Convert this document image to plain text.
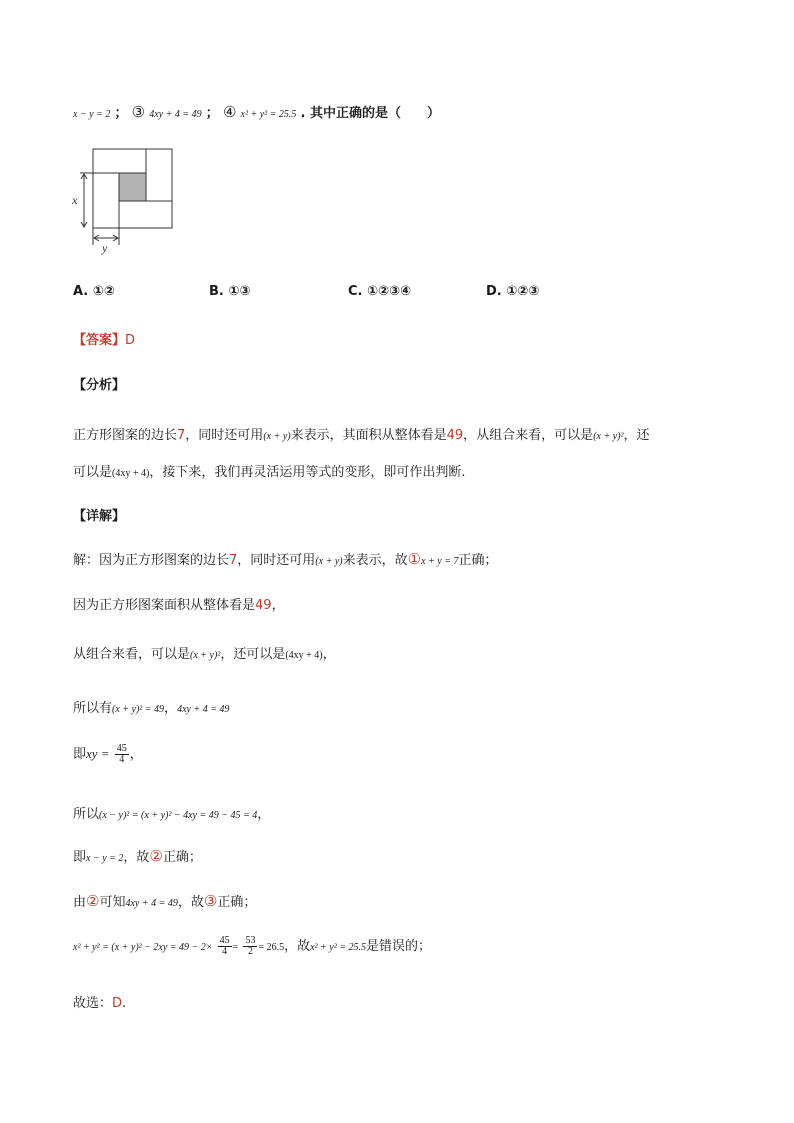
x − y = 2 ； ③ 4xy + 4 = 49 ； ④ x² + y² = 25.5 . 其中正确的是（　　）
x
y
A. ①②	B. ①③	C. ①②③④	D. ①②③
【答案】D
【分析】
正方形图案的边长7，同时还可用(x + y)来表示，其面积从整体看是49，从组合来看，可以是(x + y)²，还
可以是(4xy + 4)，接下来，我们再灵活运用等式的变形，即可作出判断.
【详解】
解：因为正方形图案的边长7，同时还可用(x + y)来表示，故①x + y = 7正确；
因为正方形图案面积从整体看是49，
从组合来看，可以是(x + y)²，还可以是(4xy + 4)，
所以有(x + y)² = 49，4xy + 4 = 49
即xy = $\frac{45}{4}$ ，
所以(x − y)² = (x + y)² − 4xy = 49 − 45 = 4，
即x − y = 2，故②正确；
由②可知4xy + 4 = 49，故③正确；
$x^2 + y^2 = (x + y)^2 - 2xy = 49 - 2\times \frac{45}{4} = \frac{53}{2} = 26.5$，故x² + y² = 25.5是错误的；
故选：D.
